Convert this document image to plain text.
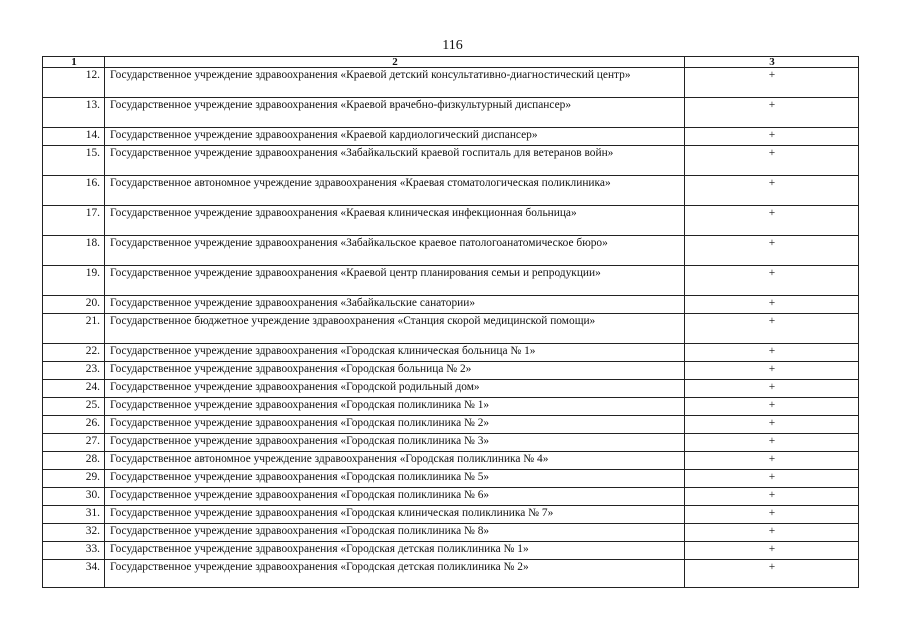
116
1	2	3
12.	Государственное учреждение здравоохранения «Краевой детский консультативно-диагностический центр»	+
13.	Государственное учреждение здравоохранения «Краевой врачебно-физкультурный диспансер»	+
14.	Государственное учреждение здравоохранения «Краевой кардиологический диспансер»	+
15.	Государственное учреждение здравоохранения «Забайкальский краевой госпиталь для ветеранов войн»	+
16.	Государственное автономное учреждение здравоохранения «Краевая стоматологическая поликлиника»	+
17.	Государственное учреждение здравоохранения «Краевая клиническая инфекционная больница»	+
18.	Государственное учреждение здравоохранения «Забайкальское краевое патологоанатомическое бюро»	+
19.	Государственное учреждение здравоохранения «Краевой центр планирования семьи и репродукции»	+
20.	Государственное учреждение здравоохранения «Забайкальские санатории»	+
21.	Государственное бюджетное учреждение здравоохранения «Станция скорой медицинской помощи»	+
22.	Государственное учреждение здравоохранения «Городская клиническая больница № 1»	+
23.	Государственное учреждение здравоохранения «Городская больница № 2»	+
24.	Государственное учреждение здравоохранения «Городской родильный дом»	+
25.	Государственное учреждение здравоохранения «Городская поликлиника № 1»	+
26.	Государственное учреждение здравоохранения «Городская поликлиника № 2»	+
27.	Государственное учреждение здравоохранения «Городская поликлиника № 3»	+
28.	Государственное автономное учреждение здравоохранения «Городская поликлиника № 4»	+
29.	Государственное учреждение здравоохранения «Городская поликлиника № 5»	+
30.	Государственное учреждение здравоохранения «Городская поликлиника № 6»	+
31.	Государственное учреждение здравоохранения «Городская клиническая поликлиника № 7»	+
32.	Государственное учреждение здравоохранения «Городская поликлиника № 8»	+
33.	Государственное учреждение здравоохранения «Городская детская поликлиника № 1»	+
34.	Государственное учреждение здравоохранения «Городская детская поликлиника № 2»	+
